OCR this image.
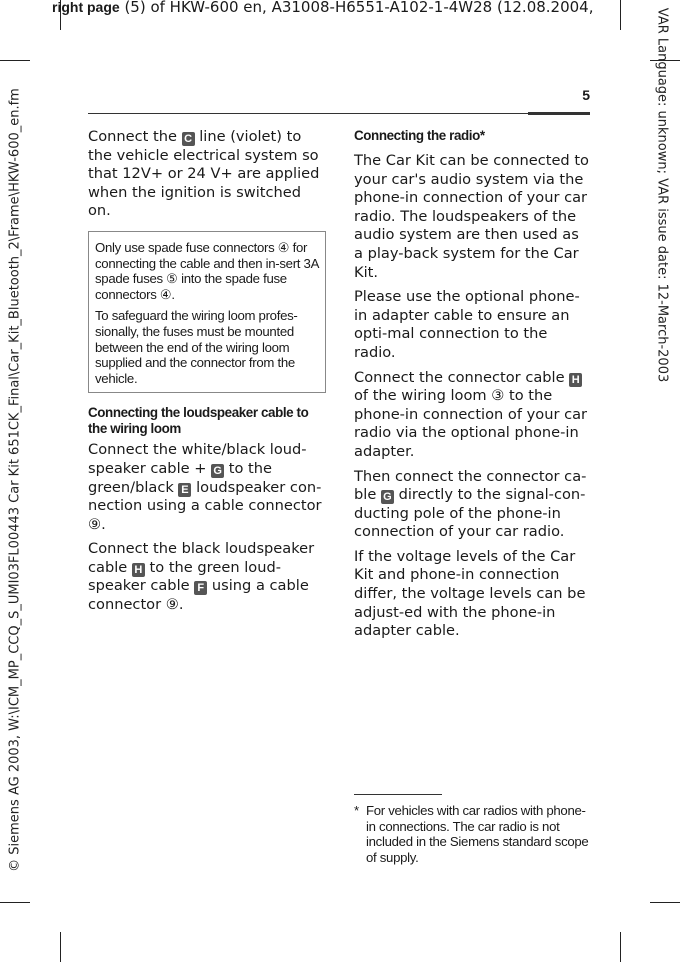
right page (5) of HKW-600 en, A31008-H6551-A102-1-4W28 (12.08.2004,
© Siemens AG 2003, W:\ICM_MP_CCQ_S_UMI03FL00443 Car Kit 651CK_Final\Car_Kit_Bluetooth_2\Frame\HKW-600_en.fm	VAR Language: unknown; VAR issue date: 12-March-2003
5

Connect the C line (violet) to the vehicle electrical system so that 12V+ or 24 V+ are applied when the ignition is switched on.

Only use spade fuse connectors ④ for connecting the cable and then in-sert 3A spade fuses ⑤ into the spade fuse connectors ④.

To safeguard the wiring loom profes-sionally, the fuses must be mounted between the end of the wiring loom supplied and the connector from the vehicle.

Connecting the loudspeaker cable to the wiring loom

Connect the white/black loud-speaker cable + G to the green/black E loudspeaker con-nection using a cable connector ⑨.

Connect the black loudspeaker cable H to the green loud-speaker cable F using a cable connector ⑨.

Connecting the radio*

The Car Kit can be connected to your car's audio system via the phone-in connection of your car radio. The loudspeakers of the audio system are then used as a play-back system for the Car Kit.

Please use the optional phone-in adapter cable to ensure an opti-mal connection to the radio.

Connect the connector cable H of the wiring loom ③ to the phone-in connection of your car radio via the optional phone-in adapter.

Then connect the connector ca-ble G directly to the signal-con-ducting pole of the phone-in connection of your car radio.

If the voltage levels of the Car Kit and phone-in connection differ, the voltage levels can be adjust-ed with the phone-in adapter cable.

* For vehicles with car radios with phone-in connections. The car radio is not included in the Siemens standard scope of supply.
